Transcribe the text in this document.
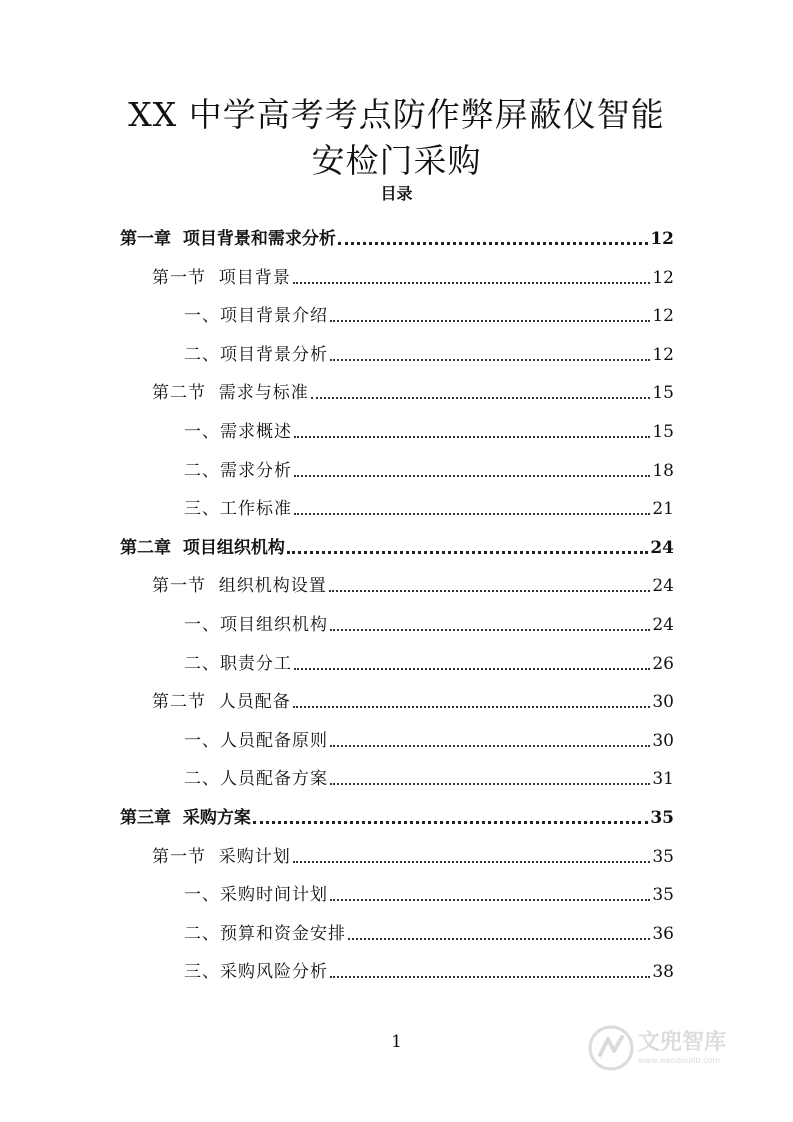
XX 中学高考考点防作弊屏蔽仪智能
安检门采购
目录
第一章  项目背景和需求分析	12
第一节  项目背景	12
一、项目背景介绍	12
二、项目背景分析	12
第二节  需求与标准	15
一、需求概述	15
二、需求分析	18
三、工作标准	21
第二章  项目组织机构	24
第一节  组织机构设置	24
一、项目组织机构	24
二、职责分工	26
第二节  人员配备	30
一、人员配备原则	30
二、人员配备方案	31
第三章  采购方案	35
第一节  采购计划	35
一、采购时间计划	35
二、预算和资金安排	36
三、采购风险分析	38
1	文兜智库
www.wendoulib.com
